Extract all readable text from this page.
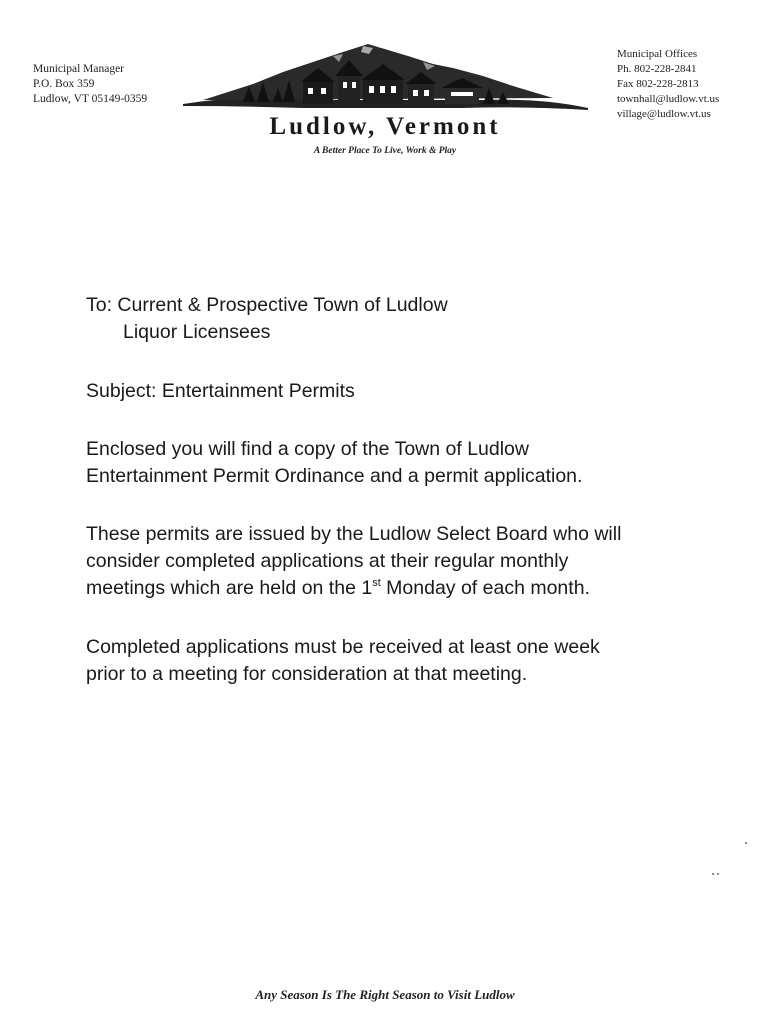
Municipal Manager
P.O. Box 359
Ludlow, VT 05149-0359
Ludlow, Vermont
A Better Place To Live, Work & Play
Municipal Offices
Ph. 802-228-2841
Fax 802-228-2813
townhall@ludlow.vt.us
village@ludlow.vt.us
To: Current & Prospective Town of Ludlow
Liquor Licensees
Subject: Entertainment Permits
Enclosed you will find a copy of the Town of Ludlow
Entertainment Permit Ordinance and a permit application.
These permits are issued by the Ludlow Select Board who will
consider completed applications at their regular monthly
meetings which are held on the 1st Monday of each month.
Completed applications must be received at least one week
prior to a meeting for consideration at that meeting.
Any Season Is The Right Season to Visit Ludlow
